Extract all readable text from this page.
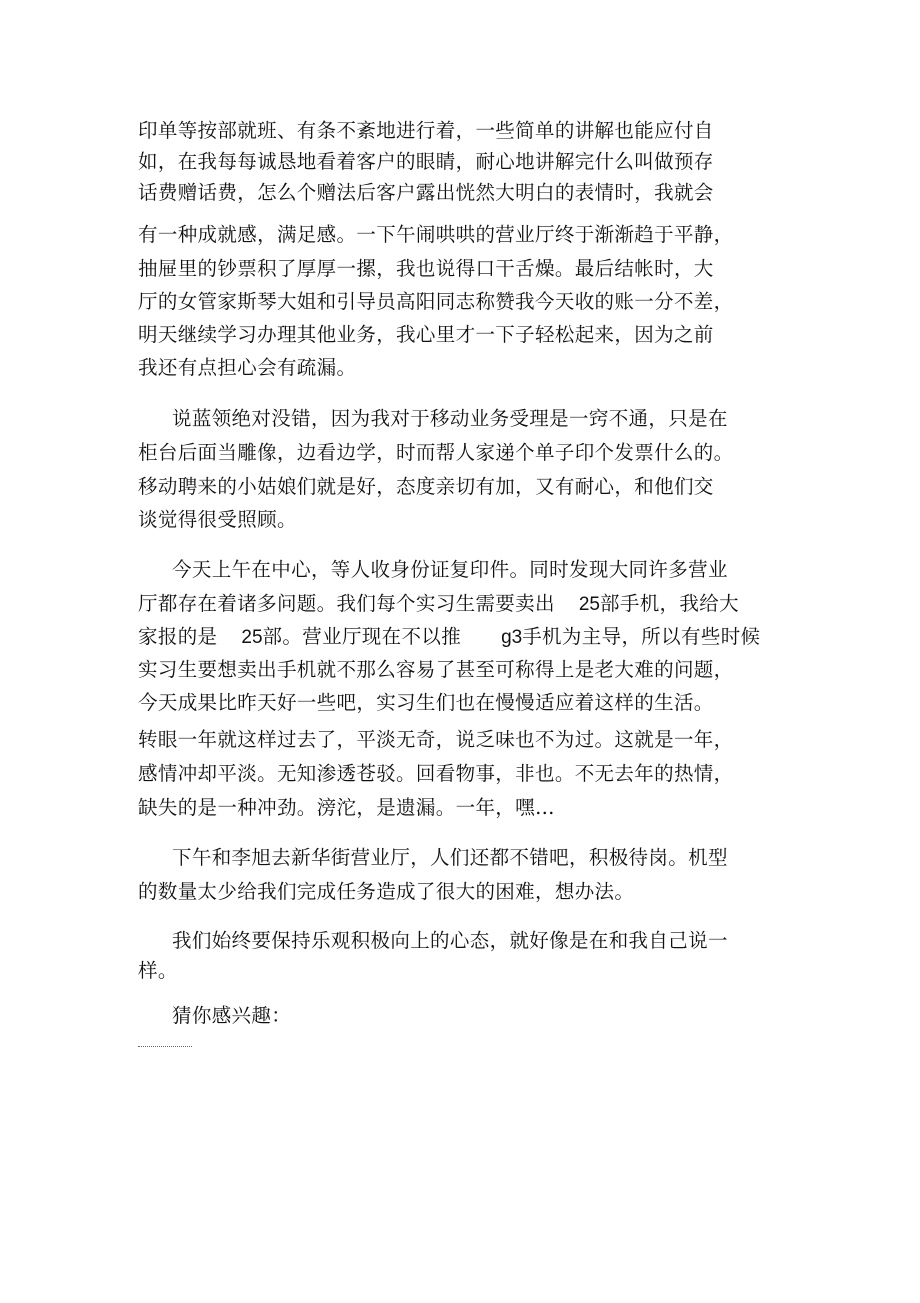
印单等按部就班、有条不紊地进行着，一些简单的讲解也能应付自
如，在我每每诚恳地看着客户的眼睛，耐心地讲解完什么叫做预存
话费赠话费，怎么个赠法后客户露出恍然大明白的表情时，我就会
有一种成就感，满足感。一下午闹哄哄的营业厅终于渐渐趋于平静，
抽屉里的钞票积了厚厚一摞，我也说得口干舌燥。最后结帐时，大
厅的女管家斯琴大姐和引导员高阳同志称赞我今天收的账一分不差，
明天继续学习办理其他业务，我心里才一下子轻松起来，因为之前
我还有点担心会有疏漏。
说蓝领绝对没错，因为我对于移动业务受理是一窍不通，只是在
柜台后面当雕像，边看边学，时而帮人家递个单子印个发票什么的。
移动聘来的小姑娘们就是好，态度亲切有加，又有耐心，和他们交
谈觉得很受照顾。
今天上午在中心，等人收身份证复印件。同时发现大同许多营业
厅都存在着诸多问题。我们每个实习生需要卖出 25部手机，我给大
家报的是 25部。营业厅现在不以推 g3手机为主导，所以有些时候
实习生要想卖出手机就不那么容易了甚至可称得上是老大难的问题，
今天成果比昨天好一些吧，实习生们也在慢慢适应着这样的生活。
转眼一年就这样过去了，平淡无奇，说乏味也不为过。这就是一年，
感情冲却平淡。无知渗透苍驳。回看物事，非也。不无去年的热情，
缺失的是一种冲劲。滂沱，是遗漏。一年，嘿…
下午和李旭去新华街营业厅，人们还都不错吧，积极待岗。机型
的数量太少给我们完成任务造成了很大的困难，想办法。
我们始终要保持乐观积极向上的心态，就好像是在和我自己说一
样。
猜你感兴趣：
